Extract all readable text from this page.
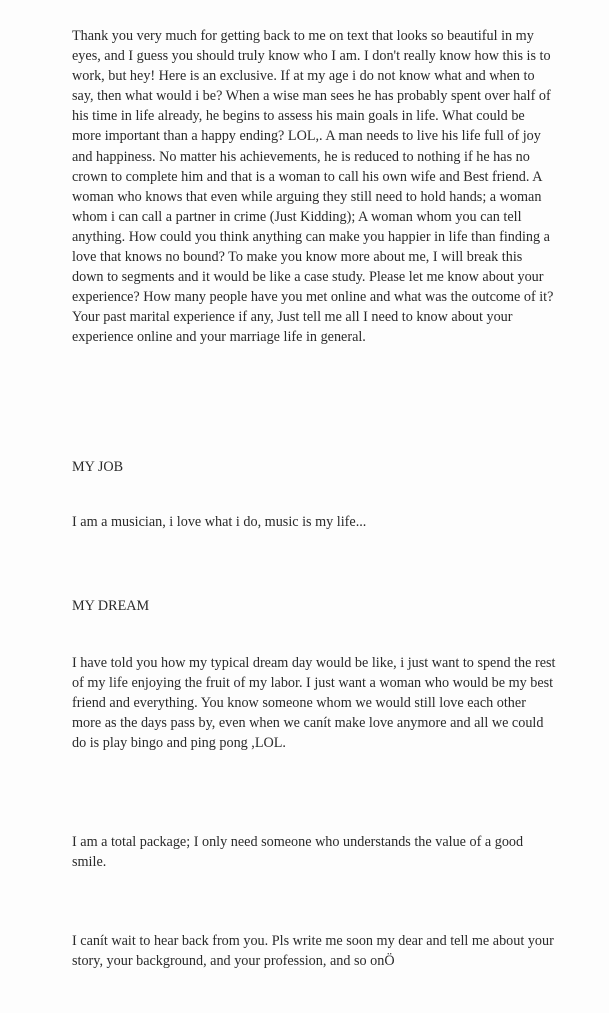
Thank you very much for getting back to me on text that looks so beautiful in my eyes, and I guess you should truly know who I am. I don't really know how this is to work, but hey! Here is an exclusive. If at my age i do not know what and when to say, then what would i be? When a wise man sees he has probably spent over half of his time in life already, he begins to assess his main goals in life. What could be more important than a happy ending? LOL,. A man needs to live his life full of joy and happiness. No matter his achievements, he is reduced to nothing if he has no crown to complete him and that is a woman to call his own wife and Best friend. A woman who knows that even while arguing they still need to hold hands; a woman whom i can call a partner in crime (Just Kidding); A woman whom you can tell anything. How could you think anything can make you happier in life than finding a love that knows no bound? To make you know more about me, I will break this down to segments and it would be like a case study. Please let me know about your experience? How many people have you met online and what was the outcome of it? Your past marital experience if any, Just tell me all I need to know about your experience online and your marriage life in general.

MY JOB

I am a musician, i love what i do, music is my life...

MY DREAM

I have told you how my typical dream day would be like, i just want to spend the rest of my life enjoying the fruit of my labor. I just want a woman who would be my best friend and everything. You know someone whom we would still love each other more as the days pass by, even when we canít make love anymore and all we could do is play bingo and ping pong ,LOL.

I am a total package; I only need someone who understands the value of a good smile.

I canít wait to hear back from you. Pls write me soon my dear and tell me about your story, your background, and your profession, and so onÖ
